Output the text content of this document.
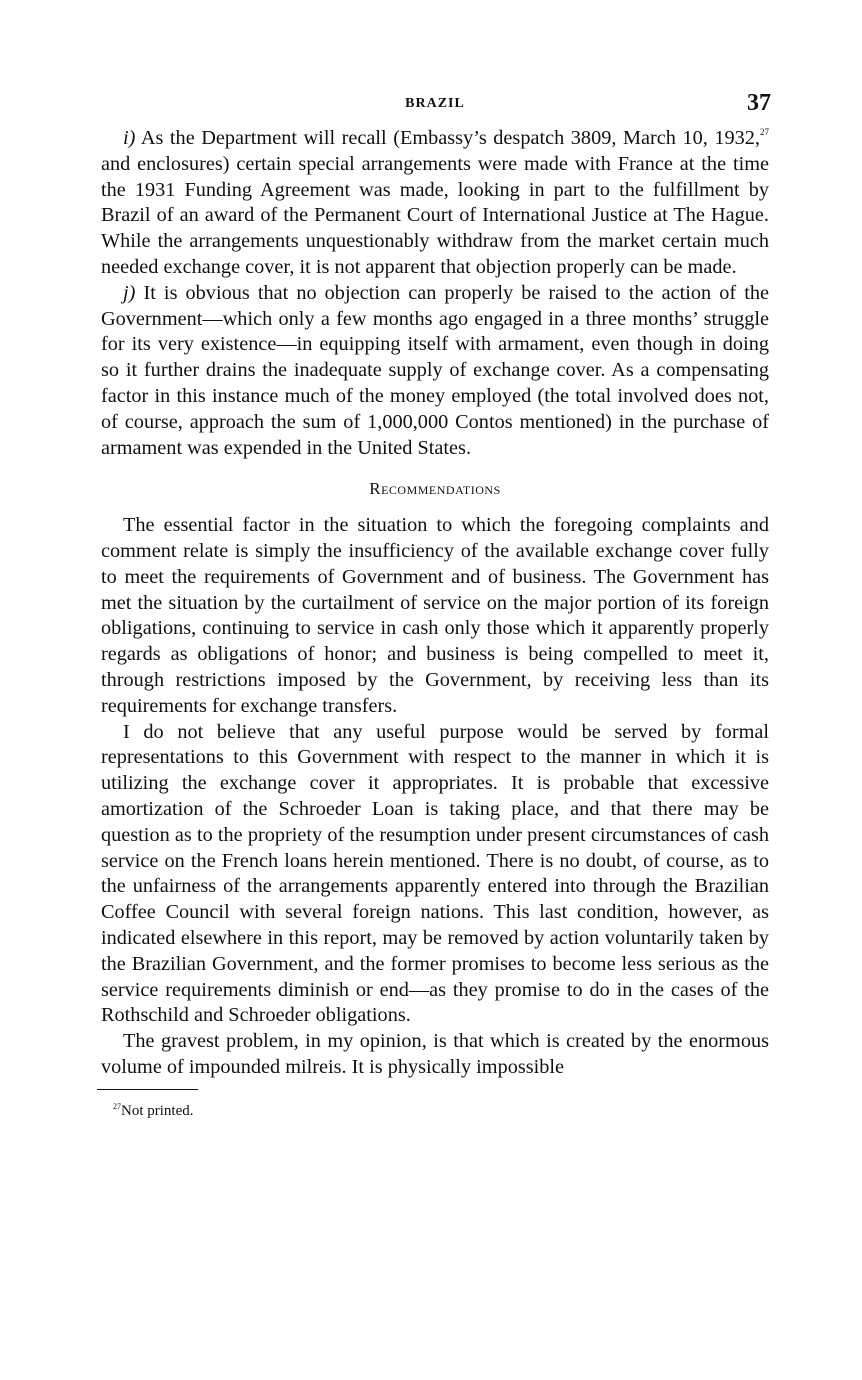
BRAZIL	37

i) As the Department will recall (Embassy’s despatch 3809, March 10, 1932,27 and enclosures) certain special arrangements were made with France at the time the 1931 Funding Agreement was made, looking in part to the fulfillment by Brazil of an award of the Permanent Court of International Justice at The Hague. While the arrangements unquestionably withdraw from the market certain much needed exchange cover, it is not apparent that objection properly can be made.

j) It is obvious that no objection can properly be raised to the action of the Government—which only a few months ago engaged in a three months’ struggle for its very existence—in equipping itself with armament, even though in doing so it further drains the inadequate supply of exchange cover. As a compensating factor in this instance much of the money employed (the total involved does not, of course, approach the sum of 1,000,000 Contos mentioned) in the purchase of armament was expended in the United States.

Recommendations

The essential factor in the situation to which the foregoing complaints and comment relate is simply the insufficiency of the available exchange cover fully to meet the requirements of Government and of business. The Government has met the situation by the curtailment of service on the major portion of its foreign obligations, continuing to service in cash only those which it apparently properly regards as obligations of honor; and business is being compelled to meet it, through restrictions imposed by the Government, by receiving less than its requirements for exchange transfers.

I do not believe that any useful purpose would be served by formal representations to this Government with respect to the manner in which it is utilizing the exchange cover it appropriates. It is probable that excessive amortization of the Schroeder Loan is taking place, and that there may be question as to the propriety of the resumption under present circumstances of cash service on the French loans herein mentioned. There is no doubt, of course, as to the unfairness of the arrangements apparently entered into through the Brazilian Coffee Council with several foreign nations. This last condition, however, as indicated elsewhere in this report, may be removed by action voluntarily taken by the Brazilian Government, and the former promises to become less serious as the service requirements diminish or end—as they promise to do in the cases of the Rothschild and Schroeder obligations.

The gravest problem, in my opinion, is that which is created by the enormous volume of impounded milreis. It is physically impossible

$^{27}$Not printed.
